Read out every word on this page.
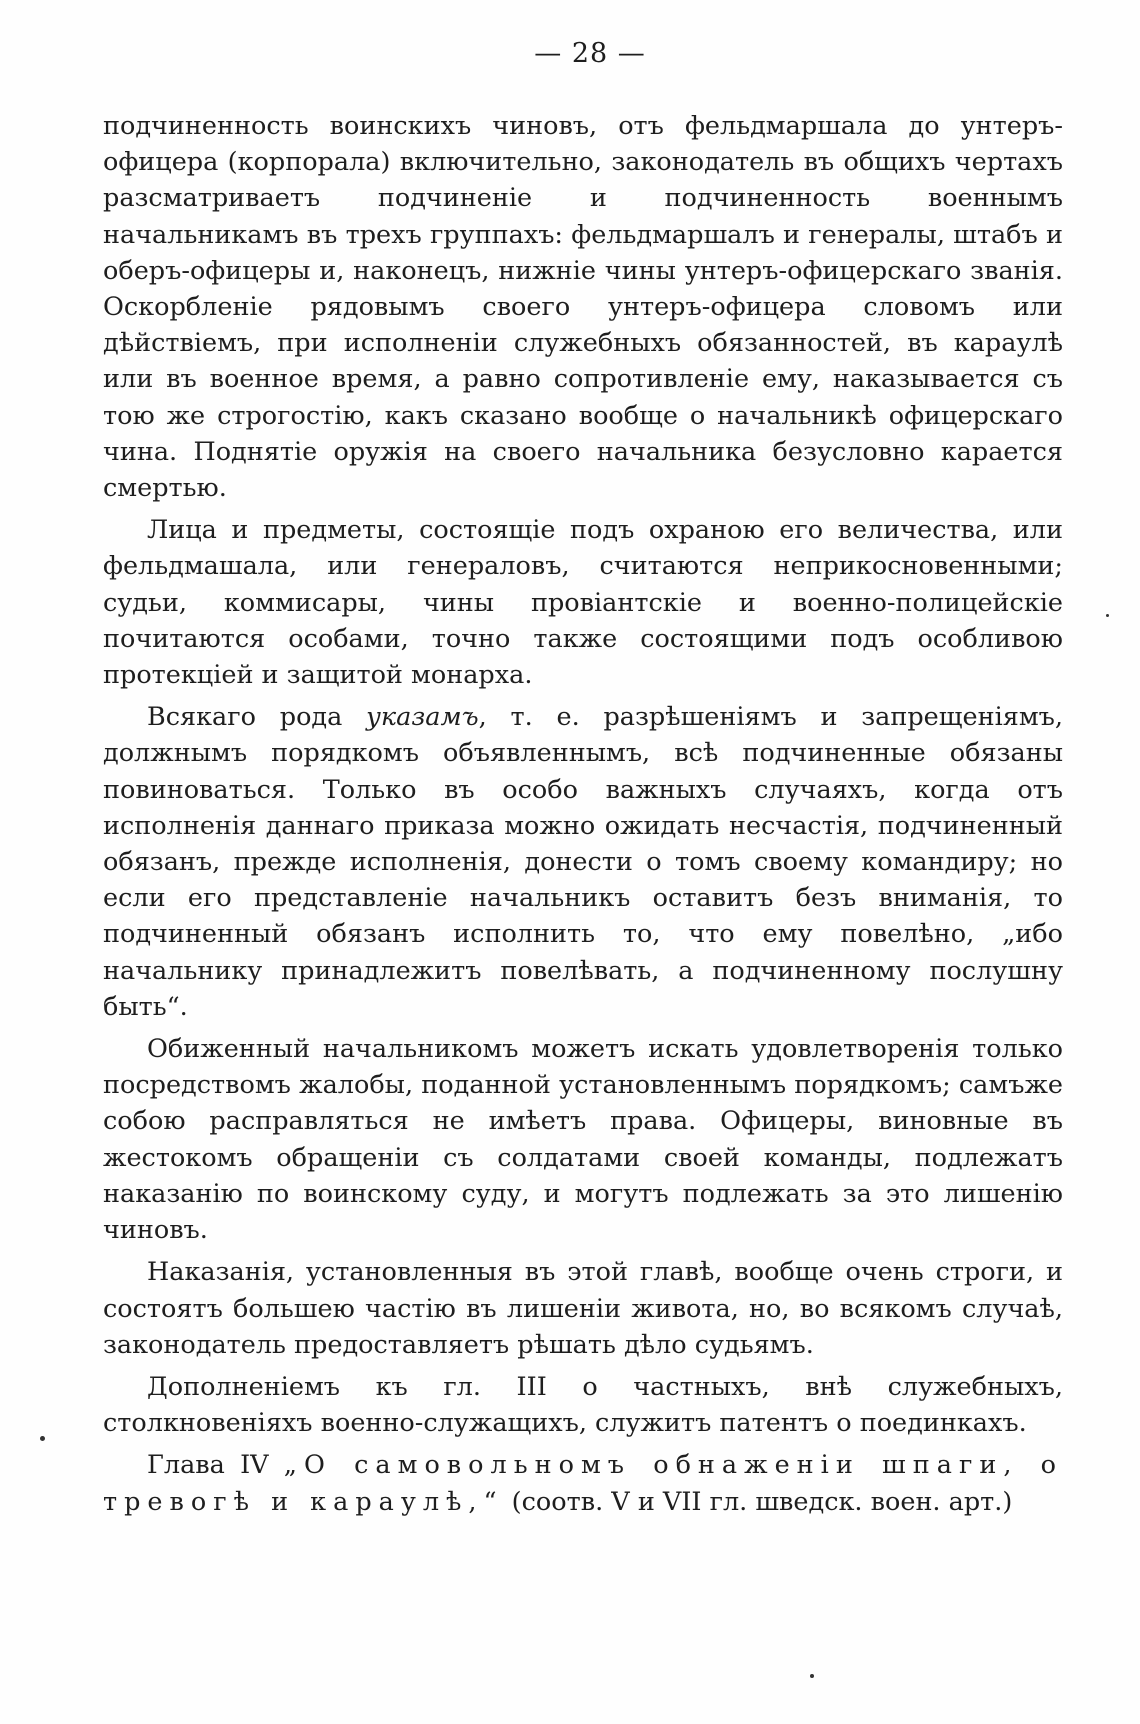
— 28 —

подчиненность воинскихъ чиновъ, отъ фельдмаршала до унтеръ-офицера (корпорала) включительно, законодатель въ общихъ чертахъ разсматриваетъ подчиненіе и подчиненность военнымъ начальникамъ въ трехъ группахъ: фельдмаршалъ и генералы, штабъ и оберъ-офицеры и, наконецъ, нижніе чины унтеръ-офицерскаго званія. Оскорбленіе рядовымъ своего унтеръ-офицера словомъ или дѣйствіемъ, при исполненіи служебныхъ обязанностей, въ караулѣ или въ военное время, а равно сопротивленіе ему, наказывается съ тою же строгостію, какъ сказано вообще о начальникѣ офицерскаго чина. Поднятіе оружія на своего начальника безусловно карается смертью.

Лица и предметы, состоящіе подъ охраною его величества, или фельдмашала, или генераловъ, считаются неприкосновенными; судьи, коммисары, чины провіантскіе и военно-полицейскіе почитаются особами, точно также состоящими подъ особливою протекціей и защитой монарха.

Всякаго рода указамъ, т. е. разрѣшеніямъ и запрещеніямъ, должнымъ порядкомъ объявленнымъ, всѣ подчиненные обязаны повиноваться. Только въ особо важныхъ случаяхъ, когда отъ исполненія даннаго приказа можно ожидать несчастія, подчиненный обязанъ, прежде исполненія, донести о томъ своему командиру; но если его представленіе начальникъ оставитъ безъ вниманія, то подчиненный обязанъ исполнить то, что ему повелѣно, „ибо начальнику принадлежитъ повелѣвать, а подчиненному послушну быть“.

Обиженный начальникомъ можетъ искать удовлетворенія только посредствомъ жалобы, поданной установленнымъ порядкомъ; самъже собою расправляться не имѣетъ права. Офицеры, виновные въ жестокомъ обращеніи съ солдатами своей команды, подлежатъ наказанію по воинскому суду, и могутъ подлежать за это лишенію чиновъ.

Наказанія, установленныя въ этой главѣ, вообще очень строги, и состоятъ большею частію въ лишеніи живота, но, во всякомъ случаѣ, законодатель предоставляетъ рѣшать дѣло судьямъ.

Дополненіемъ къ гл. III о частныхъ, внѣ служебныхъ, столкновеніяхъ военно-служащихъ, служитъ патентъ о поединкахъ.

Глава IV „О самовольномъ обнаженіи шпаги, о тревогѣ и караулѣ,“ (соотв. V и VII гл. шведск. воен. арт.)
